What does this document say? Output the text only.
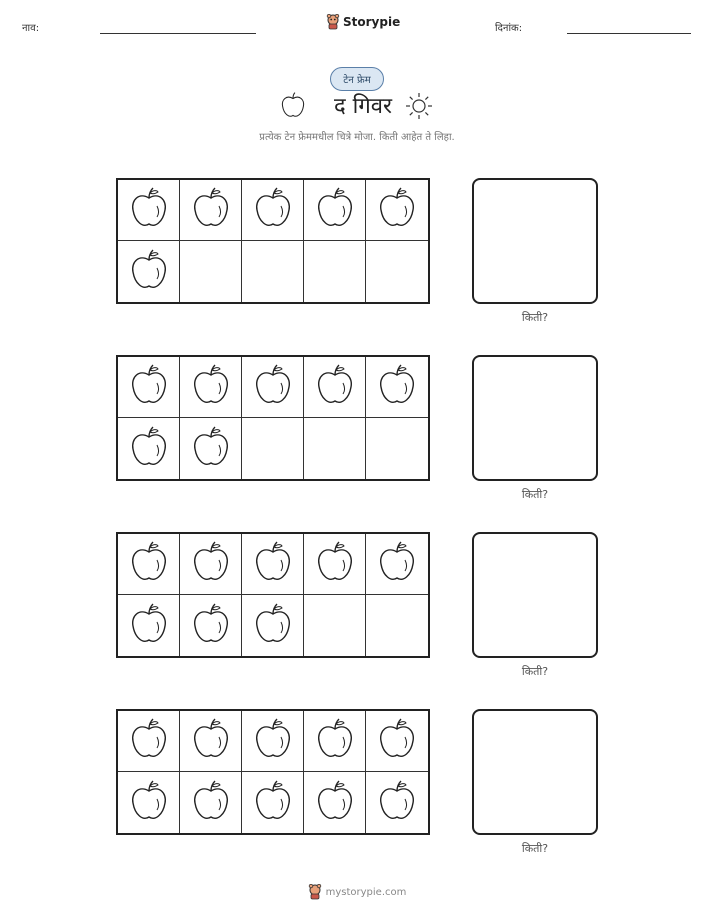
नाव:	Storypie	दिनांक:
टेन फ्रेम
द गिवर
प्रत्येक टेन फ्रेममधील चित्रे मोजा. किती आहेत ते लिहा.
किती?
किती?
किती?
किती?
mystorypie.com
